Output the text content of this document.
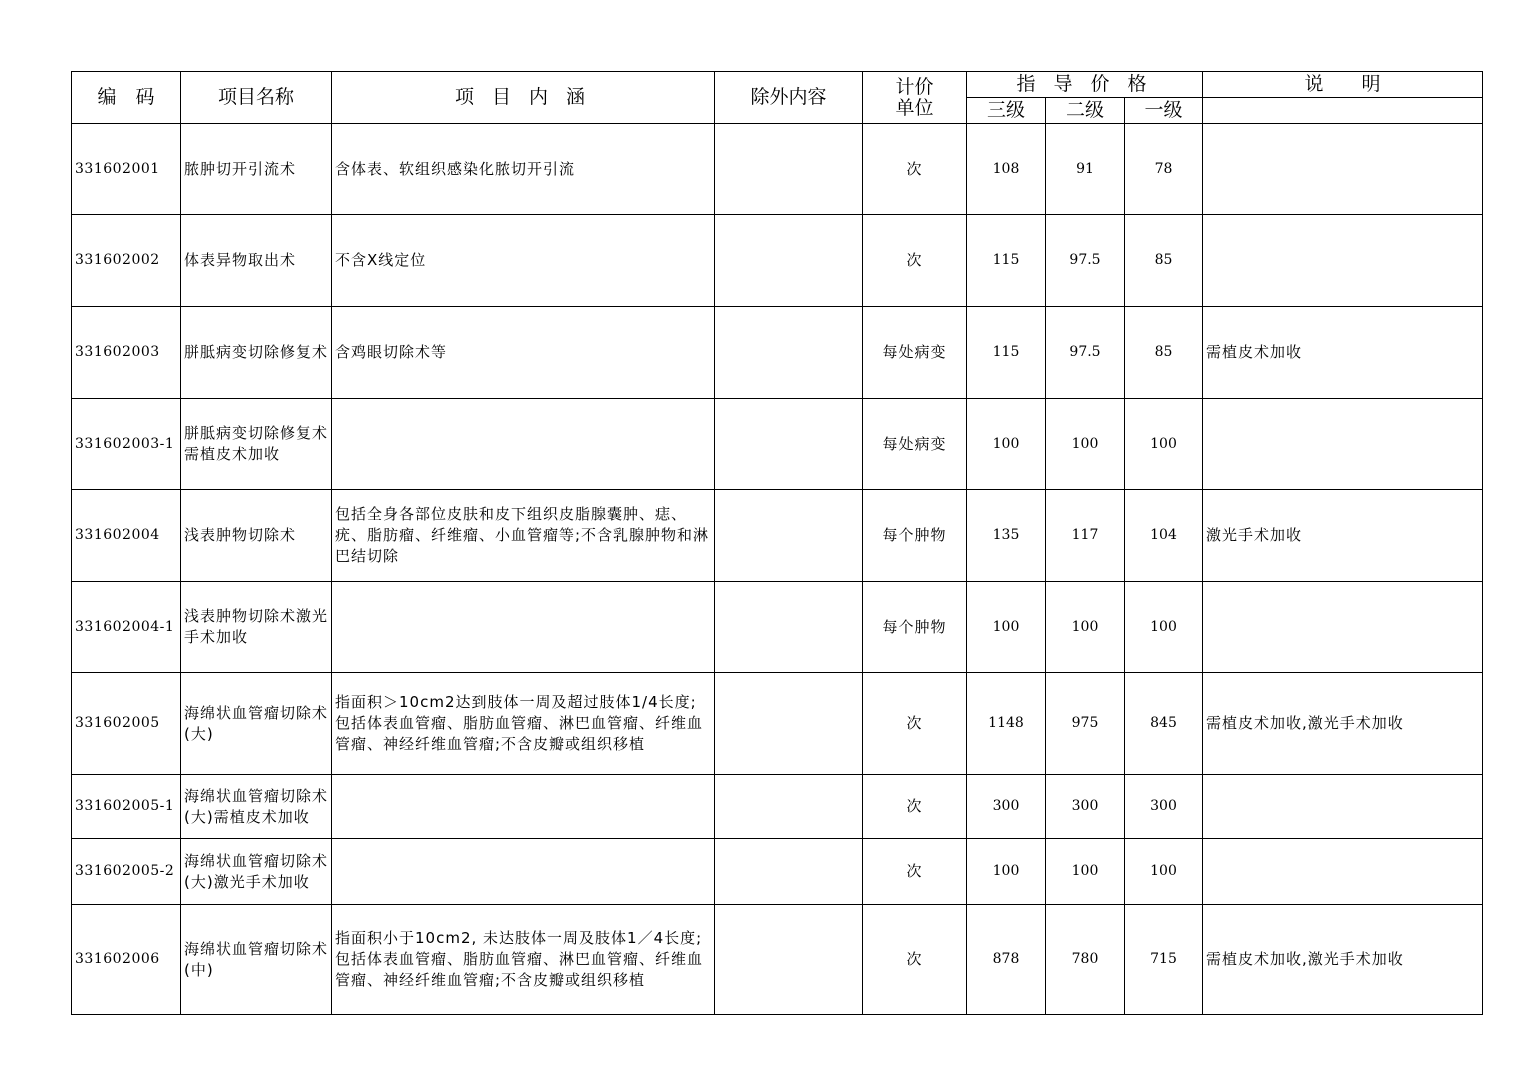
编　码	项目名称	项 目 内 涵	除外内容	计价
单位	指 导 价 格			说　　明
					三级	二级	一级	
331602001	脓肿切开引流术	含体表、软组织感染化脓切开引流		次	108	91	78	
331602002	体表异物取出术	不含X线定位		次	115	97.5	85	
331602003	胼胝病变切除修复术	含鸡眼切除术等		每处病变	115	97.5	85	需植皮术加收
331602003-1	胼胝病变切除修复术需植皮术加收			每处病变	100	100	100	
331602004	浅表肿物切除术	包括全身各部位皮肤和皮下组织皮脂腺囊肿、痣、疣、脂肪瘤、纤维瘤、小血管瘤等;不含乳腺肿物和淋巴结切除		每个肿物	135	117	104	激光手术加收
331602004-1	浅表肿物切除术激光手术加收			每个肿物	100	100	100	
331602005	海绵状血管瘤切除术(大)	指面积＞10cm2达到肢体一周及超过肢体1/4长度;包括体表血管瘤、脂肪血管瘤、淋巴血管瘤、纤维血管瘤、神经纤维血管瘤;不含皮瓣或组织移植		次	1148	975	845	需植皮术加收,激光手术加收
331602005-1	海绵状血管瘤切除术(大)需植皮术加收			次	300	300	300	
331602005-2	海绵状血管瘤切除术(大)激光手术加收			次	100	100	100	
331602006	海绵状血管瘤切除术(中)	指面积小于10cm2, 未达肢体一周及肢体1／4长度;包括体表血管瘤、脂肪血管瘤、淋巴血管瘤、纤维血管瘤、神经纤维血管瘤;不含皮瓣或组织移植		次	878	780	715	需植皮术加收,激光手术加收
